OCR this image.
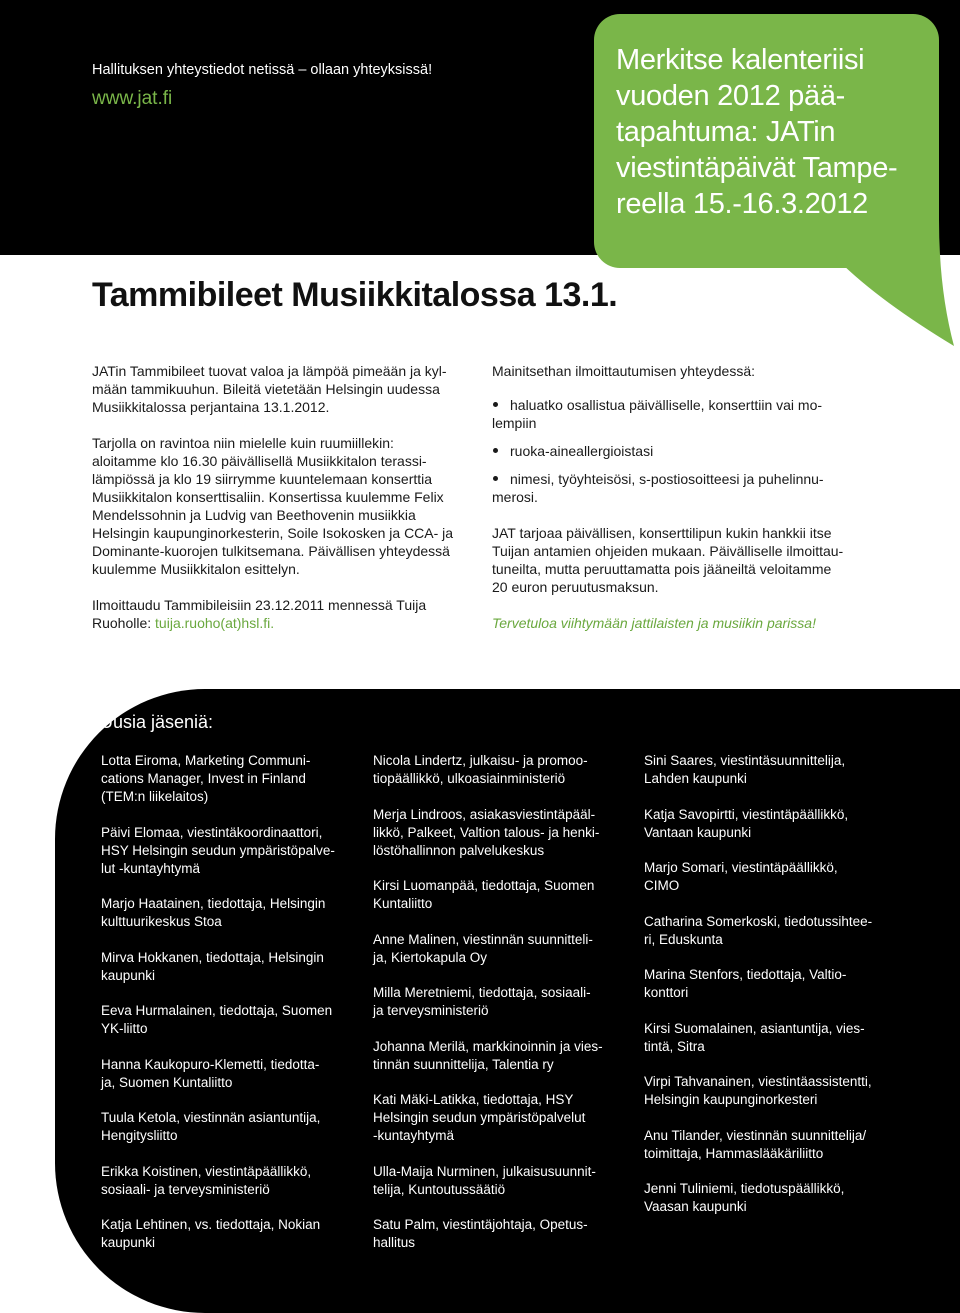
Hallituksen yhteystiedot netissä – ollaan yhteyksissä!
www.jat.fi
Merkitse kalenteriisi
vuoden 2012 pää-
tapahtuma: JATin
viestintäpäivät Tampe-
reella 15.-16.3.2012
Tammibileet Musiikkitalossa 13.1.

JATin Tammibileet tuovat valoa ja lämpöä pimeään ja kyl-
mään tammikuuhun. Bileitä vietetään Helsingin uudessa
Musiikkitalossa perjantaina 13.1.2012.

Tarjolla on ravintoa niin mielelle kuin ruumiillekin:
aloitamme klo 16.30 päivällisellä Musiikkitalon terassi-
lämpiössä ja klo 19 siirrymme kuuntelemaan konserttia
Musiikkitalon konserttisaliin. Konsertissa kuulemme Felix
Mendelssohnin ja Ludvig van Beethovenin musiikkia
Helsingin kaupunginorkesterin, Soile Isokosken ja CCA- ja
Dominante-kuorojen tulkitsemana. Päivällisen yhteydessä
kuulemme Musiikkitalon esittelyn.

Ilmoittaudu Tammibileisiin 23.12.2011 mennessä Tuija
Ruoholle: tuija.ruoho(at)hsl.fi.

Mainitsethan ilmoittautumisen yhteydessä:

haluatko osallistua päivälliselle, konserttiin vai mo-
lempiin
ruoka-aineallergioistasi
nimesi, työyhteisösi, s-postiosoitteesi ja puhelinnu-
merosi.

JAT tarjoaa päivällisen, konserttilipun kukin hankkii itse
Tuijan antamien ohjeiden mukaan. Päivälliselle ilmoittau-
tuneilta, mutta peruuttamatta pois jääneiltä veloitamme
20 euron peruutusmaksun.

Tervetuloa viihtymään jattilaisten ja musiikin parissa!

Uusia jäseniä:
Lotta Eiroma, Marketing Communi-
cations Manager, Invest in Finland
(TEM:n liikelaitos)
Päivi Elomaa, viestintäkoordinaattori,
HSY Helsingin seudun ympäristöpalve-
lut -kuntayhtymä
Marjo Haatainen, tiedottaja, Helsingin
kulttuurikeskus Stoa
Mirva Hokkanen, tiedottaja, Helsingin
kaupunki
Eeva Hurmalainen, tiedottaja, Suomen
YK-liitto
Hanna Kaukopuro-Klemetti, tiedotta-
ja, Suomen Kuntaliitto
Tuula Ketola, viestinnän asiantuntija,
Hengitysliitto
Erikka Koistinen, viestintäpäällikkö,
sosiaali- ja terveysministeriö
Katja Lehtinen, vs. tiedottaja, Nokian
kaupunki
Nicola Lindertz, julkaisu- ja promoo-
tiopäällikkö, ulkoasiainministeriö
Merja Lindroos, asiakasviestintäpääl-
likkö, Palkeet, Valtion talous- ja henki-
löstöhallinnon palvelukeskus
Kirsi Luomanpää, tiedottaja, Suomen
Kuntaliitto
Anne Malinen, viestinnän suunnitteli-
ja, Kiertokapula Oy
Milla Meretniemi, tiedottaja, sosiaali-
ja terveysministeriö
Johanna Merilä, markkinoinnin ja vies-
tinnän suunnittelija, Talentia ry
Kati Mäki-Latikka, tiedottaja, HSY
Helsingin seudun ympäristöpalvelut
-kuntayhtymä
Ulla-Maija Nurminen, julkaisusuunnit-
telija, Kuntoutussäätiö
Satu Palm, viestintäjohtaja, Opetus-
hallitus
Sini Saares, viestintäsuunnittelija,
Lahden kaupunki
Katja Savopirtti, viestintäpäällikkö,
Vantaan kaupunki
Marjo Somari, viestintäpäällikkö,
CIMO
Catharina Somerkoski, tiedotussihtee-
ri, Eduskunta
Marina Stenfors, tiedottaja, Valtio-
konttori
Kirsi Suomalainen, asiantuntija, vies-
tintä, Sitra
Virpi Tahvanainen, viestintäassistentti,
Helsingin kaupunginorkesteri
Anu Tilander, viestinnän suunnittelija/
toimittaja, Hammaslääkäriliitto
Jenni Tuliniemi, tiedotuspäällikkö,
Vaasan kaupunki
